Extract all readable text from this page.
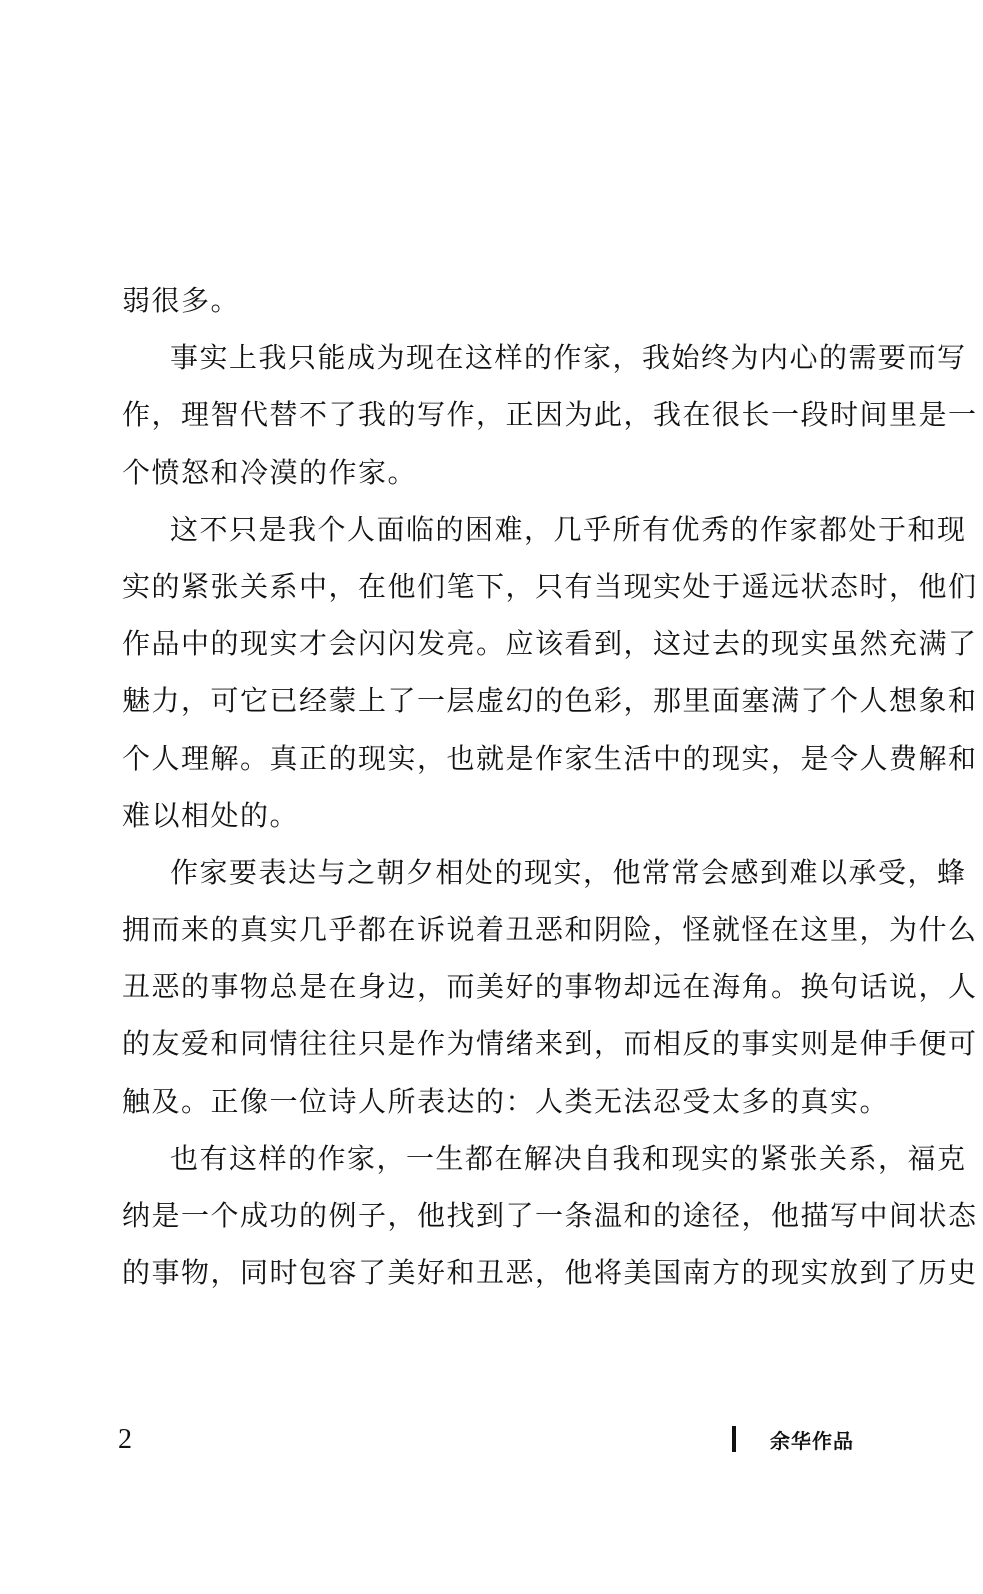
弱很多。
事实上我只能成为现在这样的作家，我始终为内心的需要而写
作，理智代替不了我的写作，正因为此，我在很长一段时间里是一
个愤怒和冷漠的作家。
这不只是我个人面临的困难，几乎所有优秀的作家都处于和现
实的紧张关系中，在他们笔下，只有当现实处于遥远状态时，他们
作品中的现实才会闪闪发亮。应该看到，这过去的现实虽然充满了
魅力，可它已经蒙上了一层虚幻的色彩，那里面塞满了个人想象和
个人理解。真正的现实，也就是作家生活中的现实，是令人费解和
难以相处的。
作家要表达与之朝夕相处的现实，他常常会感到难以承受，蜂
拥而来的真实几乎都在诉说着丑恶和阴险，怪就怪在这里，为什么
丑恶的事物总是在身边，而美好的事物却远在海角。换句话说，人
的友爱和同情往往只是作为情绪来到，而相反的事实则是伸手便可
触及。正像一位诗人所表达的：人类无法忍受太多的真实。
也有这样的作家，一生都在解决自我和现实的紧张关系，福克
纳是一个成功的例子，他找到了一条温和的途径，他描写中间状态
的事物，同时包容了美好和丑恶，他将美国南方的现实放到了历史
2	余华作品
